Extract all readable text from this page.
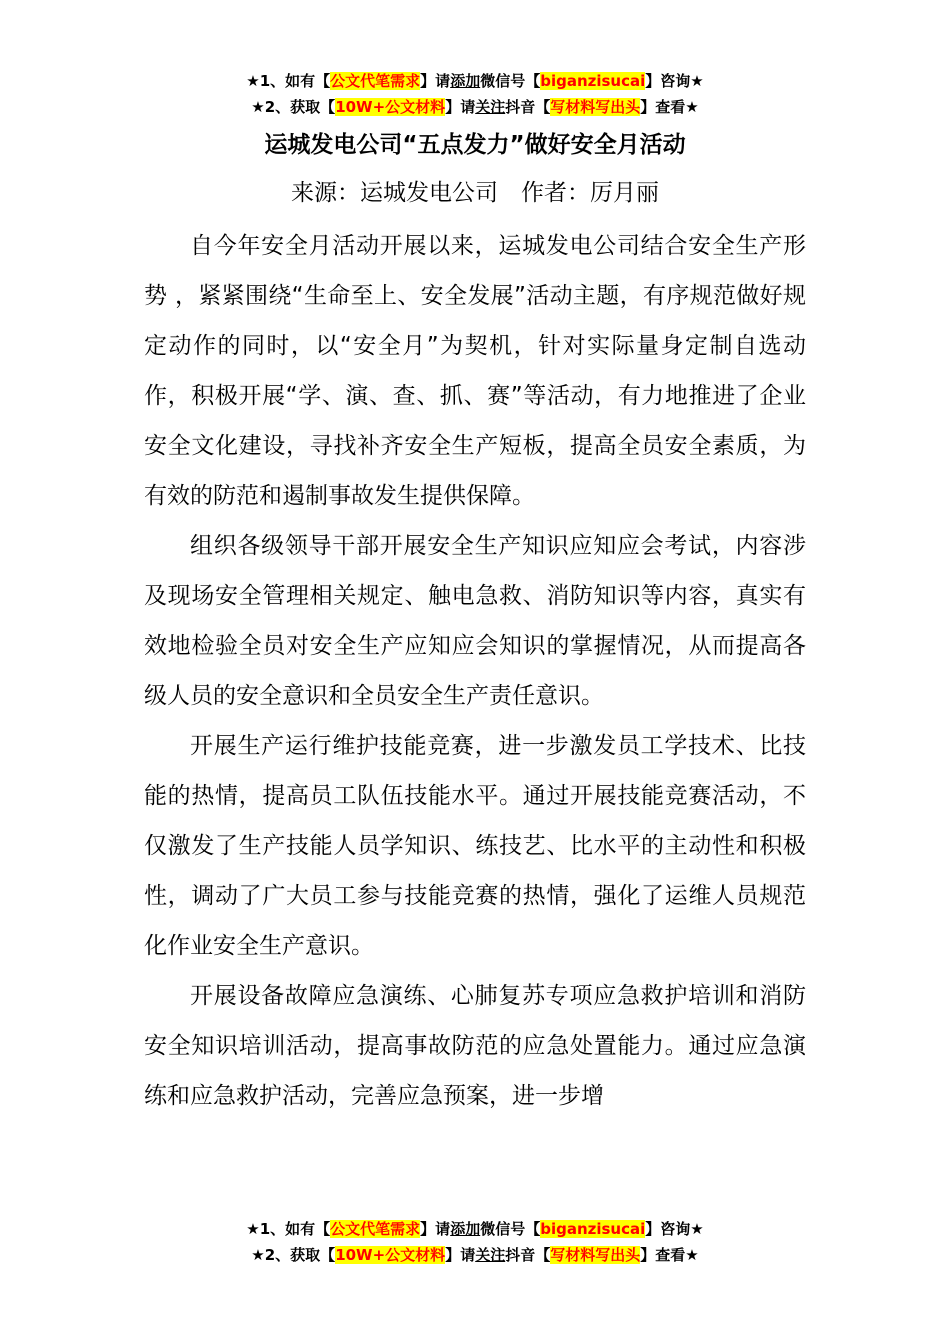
★1、如有【公文代笔需求】请添加微信号【biganzisucai】咨询★
★2、获取【10W+公文材料】请关注抖音【写材料写出头】查看★
运城发电公司“五点发力”做好安全月活动
来源：运城发电公司　作者：厉月丽

自今年安全月活动开展以来，运城发电公司结合安全生产形势 ，紧紧围绕“生命至上、安全发展”活动主题，有序规范做好规定动作的同时，以“安全月”为契机，针对实际量身定制自选动作，积极开展“学、演、查、抓、赛”等活动，有力地推进了企业安全文化建设，寻找补齐安全生产短板，提高全员安全素质，为有效的防范和遏制事故发生提供保障。

组织各级领导干部开展安全生产知识应知应会考试，内容涉及现场安全管理相关规定、触电急救、消防知识等内容，真实有效地检验全员对安全生产应知应会知识的掌握情况，从而提高各级人员的安全意识和全员安全生产责任意识。

开展生产运行维护技能竞赛，进一步激发员工学技术、比技能的热情，提高员工队伍技能水平。通过开展技能竞赛活动，不仅激发了生产技能人员学知识、练技艺、比水平的主动性和积极性，调动了广大员工参与技能竞赛的热情，强化了运维人员规范化作业安全生产意识。

开展设备故障应急演练、心肺复苏专项应急救护培训和消防安全知识培训活动，提高事故防范的应急处置能力。通过应急演练和应急救护活动，完善应急预案，进一步增

★1、如有【公文代笔需求】请添加微信号【biganzisucai】咨询★
★2、获取【10W+公文材料】请关注抖音【写材料写出头】查看★
